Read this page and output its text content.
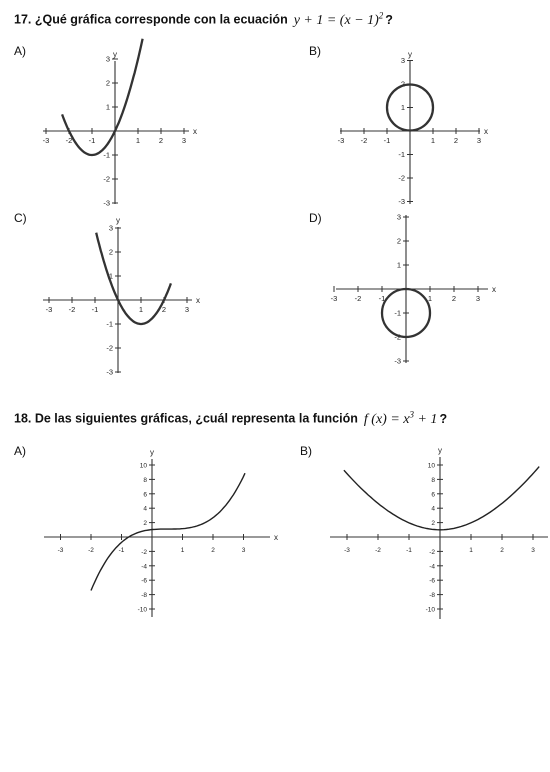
17. ¿Qué gráfica corresponde con la ecuación $y + 1 = (x - 1)^2$ ?
A)	B)
C)	D)
-3 -2 -1	1	2	3
3
2
1
-1
-2
-3
x
y
-3 -2 -1	1	2	3
3
2
1
-1
-2
-3
x
y
-3 -2 -1	1	2	3
3
2
1
-1
-2
-3
x
y
-3 -2 -1	1	2	3
3
2
1
-1
-2
-3
x
-3	-2	-1	1	2	3
10
8
6
4
2
-2
-4
-6
-8
-10
x
y
-3	-2	-1	1	2	3
10
8
6
4
2
-2
-4
-6
-8
-10
y
18. De las siguientes gráficas, ¿cuál representa la función f $(x) = x^3 + 1$ ?
A)	B)
